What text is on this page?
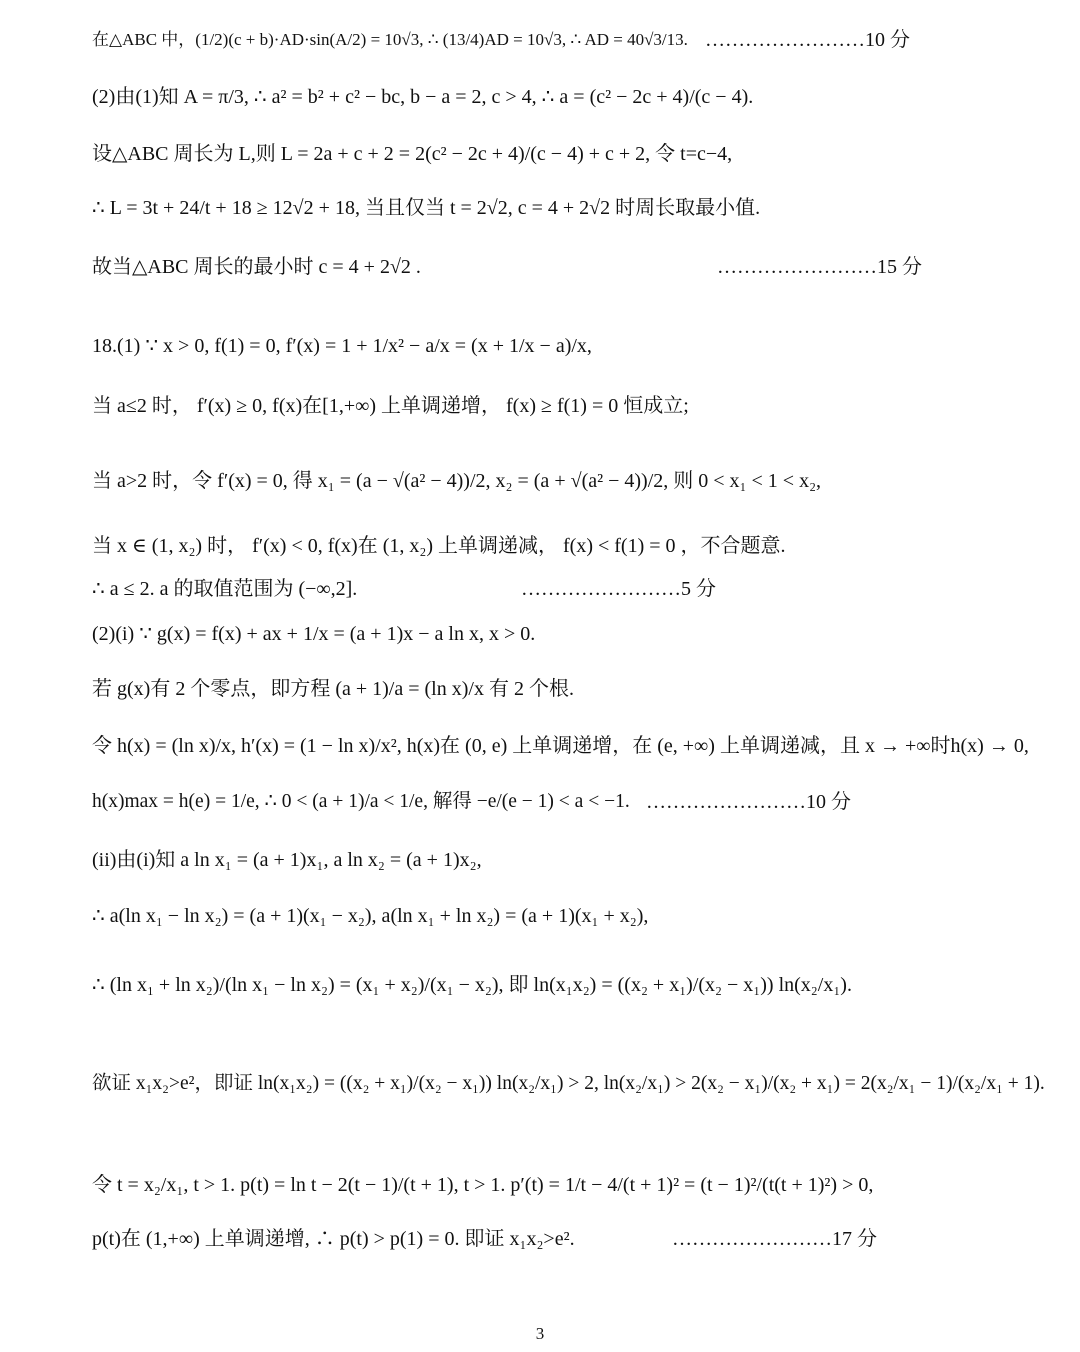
在△ABC 中，(1/2)(c + b)·AD·sin(A/2) = 10√3, ∴ (13/4)AD = 10√3, ∴ AD = 40√3/13. ……………………10 分
(2)由(1)知 A = π/3, ∴ a² = b² + c² − bc, b − a = 2, c > 4, ∴ a = (c² − 2c + 4)/(c − 4).
设△ABC 周长为 L,则 L = 2a + c + 2 = 2(c² − 2c + 4)/(c − 4) + c + 2, 令 t=c−4,
∴ L = 3t + 24/t + 18 ≥ 12√2 + 18, 当且仅当 t = 2√2, c = 4 + 2√2 时周长取最小值.
故当△ABC 周长的最小时 c = 4 + 2√2 .	……………………15 分
18.(1) ∵ x > 0, f(1) = 0, f′(x) = 1 + 1/x² − a/x = (x + 1/x − a)/x,
当 a≤2 时， f′(x) ≥ 0, f(x)在[1,+∞) 上单调递增， f(x) ≥ f(1) = 0 恒成立;
当 a>2 时，令 f′(x) = 0, 得 x₁ = (a − √(a² − 4))/2, x₂ = (a + √(a² − 4))/2, 则 0 < x₁ < 1 < x₂,
当 x ∈ (1, x₂) 时， f′(x) < 0, f(x)在 (1, x₂) 上单调递减， f(x) < f(1) = 0 ，不合题意.
∴ a ≤ 2. a 的取值范围为 (−∞,2].	……………………5 分
(2)(i) ∵ g(x) = f(x) + ax + 1/x = (a + 1)x − a ln x, x > 0.
若 g(x)有 2 个零点，即方程 (a + 1)/a = (ln x)/x 有 2 个根.
令 h(x) = (ln x)/x, h′(x) = (1 − ln x)/x², h(x)在 (0, e) 上单调递增，在 (e, +∞) 上单调递减，且 x → +∞时h(x) → 0,
h(x)max = h(e) = 1/e, ∴ 0 < (a + 1)/a < 1/e, 解得 −e/(e − 1) < a < −1. ……………………10 分
(ii)由(i)知 a ln x₁ = (a + 1)x₁, a ln x₂ = (a + 1)x₂,
∴ a(ln x₁ − ln x₂) = (a + 1)(x₁ − x₂), a(ln x₁ + ln x₂) = (a + 1)(x₁ + x₂),
∴ (ln x₁ + ln x₂)/(ln x₁ − ln x₂) = (x₁ + x₂)/(x₁ − x₂), 即 ln(x₁x₂) = ((x₂ + x₁)/(x₂ − x₁)) ln(x₂/x₁).
欲证 x₁x₂>e²，即证 ln(x₁x₂) = ((x₂ + x₁)/(x₂ − x₁)) ln(x₂/x₁) > 2, ln(x₂/x₁) > 2(x₂ − x₁)/(x₂ + x₁) = 2(x₂/x₁ − 1)/(x₂/x₁ + 1).
令 t = x₂/x₁, t > 1. p(t) = ln t − 2(t − 1)/(t + 1), t > 1. p′(t) = 1/t − 4/(t + 1)² = (t − 1)²/(t(t + 1)²) > 0,
p(t)在 (1,+∞) 上单调递增, ∴ p(t) > p(1) = 0. 即证 x₁x₂>e².	……………………17 分
3
